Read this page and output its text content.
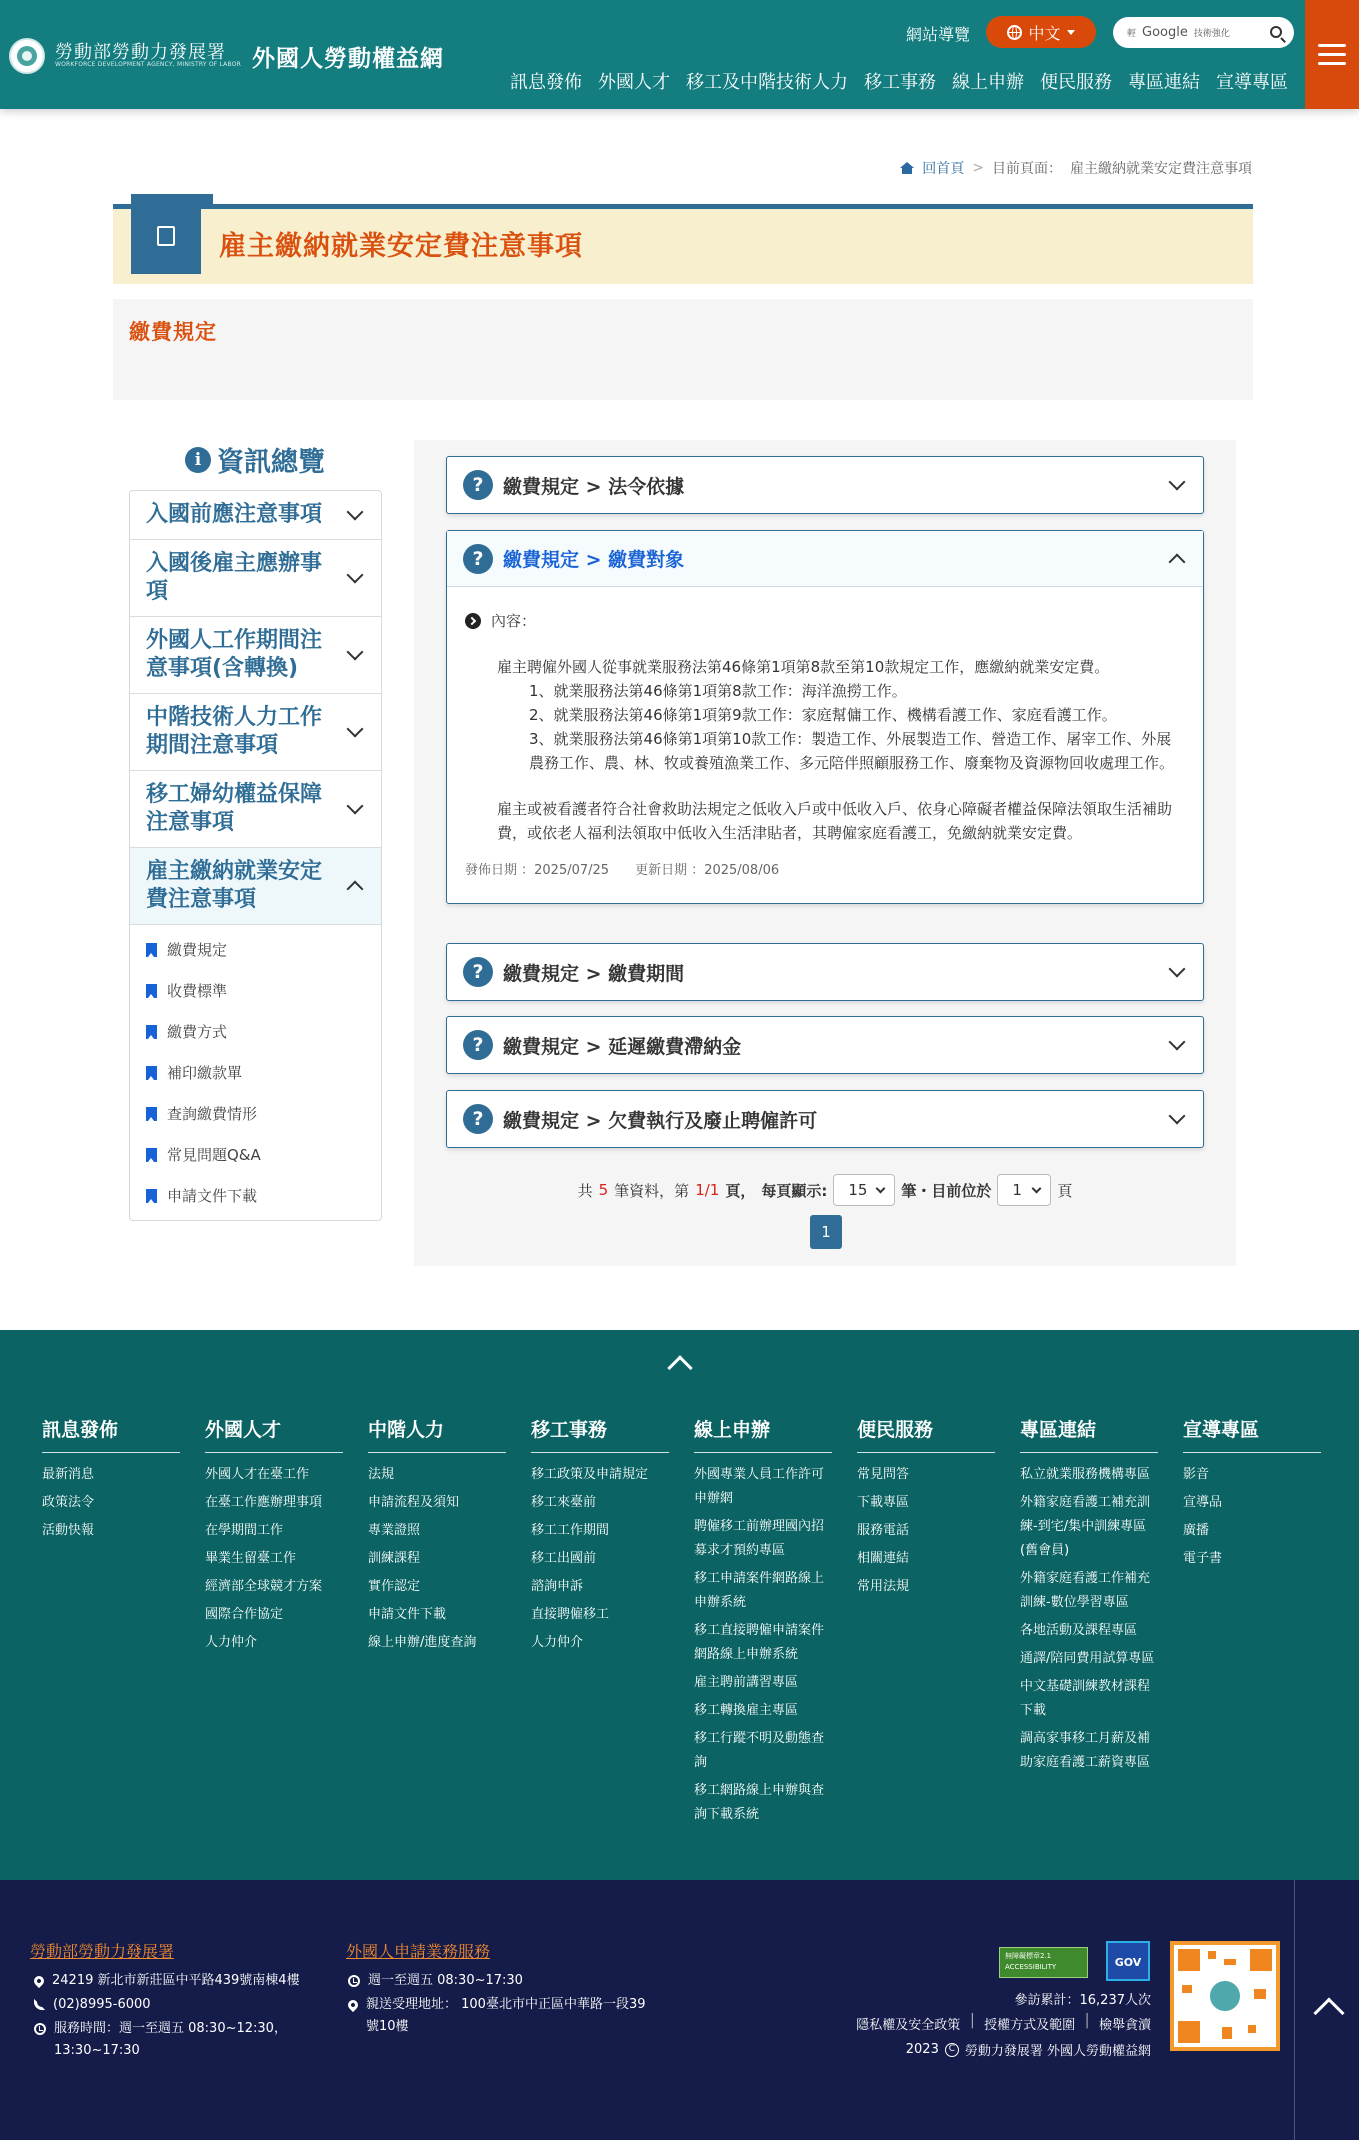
勞動部勞動力發展署
WORKFORCE DEVELOPMENT AGENCY, MINISTRY OF LABOR 外國人勞動權益網
網站導覽	中文	輕 Google 技術強化
訊息發佈 外國人才 移工及中階技術人力 移工事務 線上申辦 便民服務 專區連結 宣導專區
回首頁 > 目前頁面： 雇主繳納就業安定費注意事項
雇主繳納就業安定費注意事項
繳費規定
i 資訊總覽
入國前應注意事項
入國後雇主應辦事項
外國人工作期間注意事項(含轉換)
中階技術人力工作期間注意事項
移工婦幼權益保障注意事項
雇主繳納就業安定費注意事項
繳費規定
收費標準
繳費方式
補印繳款單
查詢繳費情形
常見問題Q&A
申請文件下載
?	繳費規定 > 法令依據
?	繳費規定 > 繳費對象
內容：

雇主聘僱外國人從事就業服務法第46條第1項第8款至第10款規定工作，應繳納就業安定費。

1、就業服務法第46條第1項第8款工作：海洋漁撈工作。

2、就業服務法第46條第1項第9款工作：家庭幫傭工作、機構看護工作、家庭看護工作。

3、就業服務法第46條第1項第10款工作：製造工作、外展製造工作、營造工作、屠宰工作、外展農務工作、農、林、牧或養殖漁業工作、多元陪伴照顧服務工作、廢棄物及資源物回收處理工作。

雇主或被看護者符合社會救助法規定之低收入戶或中低收入戶、依身心障礙者權益保障法領取生活補助費，或依老人福利法領取中低收入生活津貼者，其聘僱家庭看護工，免繳納就業安定費。

發佈日期 ：2025/07/25 更新日期 ：2025/08/06
?	繳費規定 > 繳費期間
?	繳費規定 > 延遲繳費滯納金
?	繳費規定 > 欠費執行及廢止聘僱許可
共 5 筆資料，第 1/1 頁， 每頁顯示: 15 筆・目前位於 1 頁
1
訊息發佈
最新消息
政策法令
活動快報
外國人才
外國人才在臺工作
在臺工作應辦理事項
在學期間工作
畢業生留臺工作
經濟部全球競才方案
國際合作協定
人力仲介
中階人力
法規
申請流程及須知
專業證照
訓練課程
實作認定
申請文件下載
線上申辦/進度查詢
移工事務
移工政策及申請規定
移工來臺前
移工工作期間
移工出國前
諮詢申訴
直接聘僱移工
人力仲介
線上申辦
外國專業人員工作許可申辦網
聘僱移工前辦理國內招募求才預約專區
移工申請案件網路線上申辦系統
移工直接聘僱申請案件網路線上申辦系統
雇主聘前講習專區
移工轉換雇主專區
移工行蹤不明及動態查詢
移工網路線上申辦與查詢下載系統
便民服務
常見問答
下載專區
服務電話
相關連結
常用法規
專區連結
私立就業服務機構專區
外籍家庭看護工補充訓練-到宅/集中訓練專區(舊會員)
外籍家庭看護工作補充訓練-數位學習專區
各地活動及課程專區
通譯/陪同費用試算專區
中文基礎訓練教材課程下載
調高家事移工月薪及補助家庭看護工薪資專區
宣導專區
影音
宣導品
廣播
電子書
勞動部勞動力發展署
24219 新北市新莊區中平路439號南棟4樓
(02)8995-6000
服務時間：週一至週五 08:30~12:30，13:30~17:30
外國人申請業務服務
週一至週五 08:30~17:30
親送受理地址： 100臺北市中正區中華路一段39號10樓
無障礙標章2.1 ACCESSIBILITY	GOV
參訪累計：16,237人次
隱私權及安全政策 │ 授權方式及範圍 │ 檢舉貪瀆
2023	C 勞動力發展署 外國人勞動權益網
